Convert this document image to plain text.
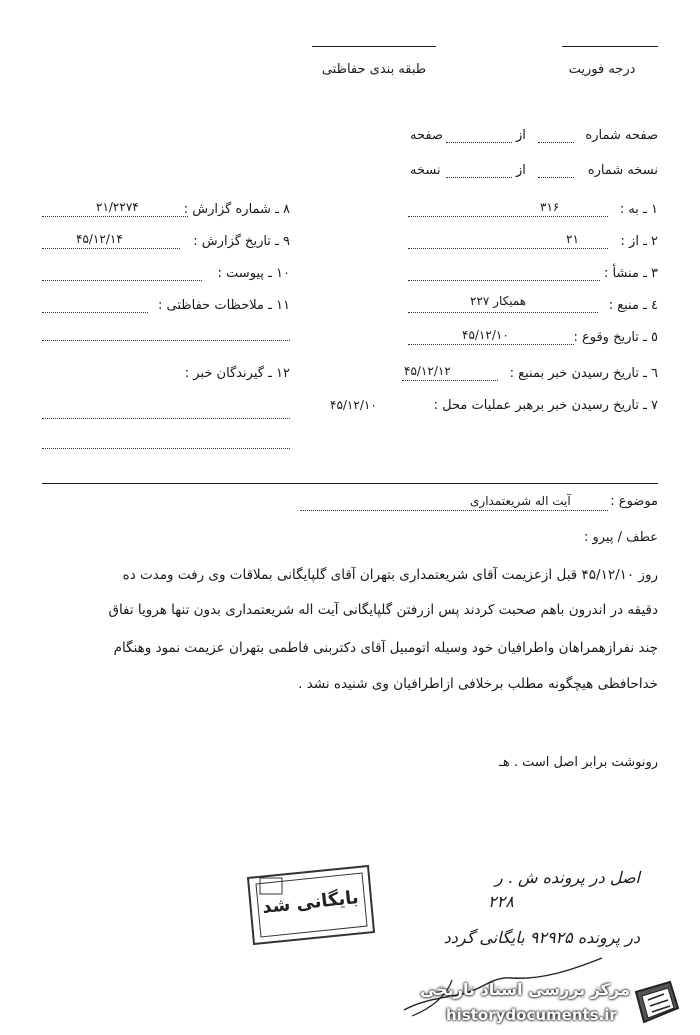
طبقه بندی حفاظتی	درجه فوریت
صفحه شماره
از
صفحه
نسخه شماره
از
نسخه
۱ ـ به :
۳۱۶
۲ ـ از :
۲۱
۳ ـ منشأ :
٤ ـ منبع :
همیکار ۲۲۷
٥ ـ تاریخ وقوع :
۴۵/۱۲/۱۰
٦ ـ تاریخ رسیدن خبر بمنبع :
۴۵/۱۲/۱۲
۷ ـ تاریخ رسیدن خبر برهبر عملیات محل :
۴۵/۱۲/۱۰
۸ ـ شماره گزارش :
۲۱/۲۲۷۴
۹ ـ تاریخ گزارش :
۴۵/۱۲/۱۴
۱۰ ـ پیوست :
۱۱ ـ ملاحظات حفاظتی :
۱۲ ـ گیرندگان خبر :
موضوع :
آیت اله شریعتمداری
عطف / پیرو :
روز ۴۵/۱۲/۱۰ قبل ازعزیمت آقای شریعتمداری بتهران آقای گلپایگانی بملاقات وی رفت ومدت ده
دقیقه در اندرون باهم صحبت کردند پس ازرفتن گلپایگانی آیت اله شریعتمداری بدون تنها هرویا تفاق
چند نفرازهمراهان واطرافیان خود وسیله اتومبیل آقای دکتربنی فاطمی بتهران عزیمت نمود وهنگام
خداحافظی هیچگونه مطلب برخلافی ازاطرافیان وی شنیده نشد .
رونوشت برابر اصل است . هـ
اصل در پرونده ش . ر
۲۲۸
در پرونده ۹۲۹۲۵ بایگانی گردد
بایگانی شد
مرکز بررسی اسناد تاریخی
historydocuments.ir
